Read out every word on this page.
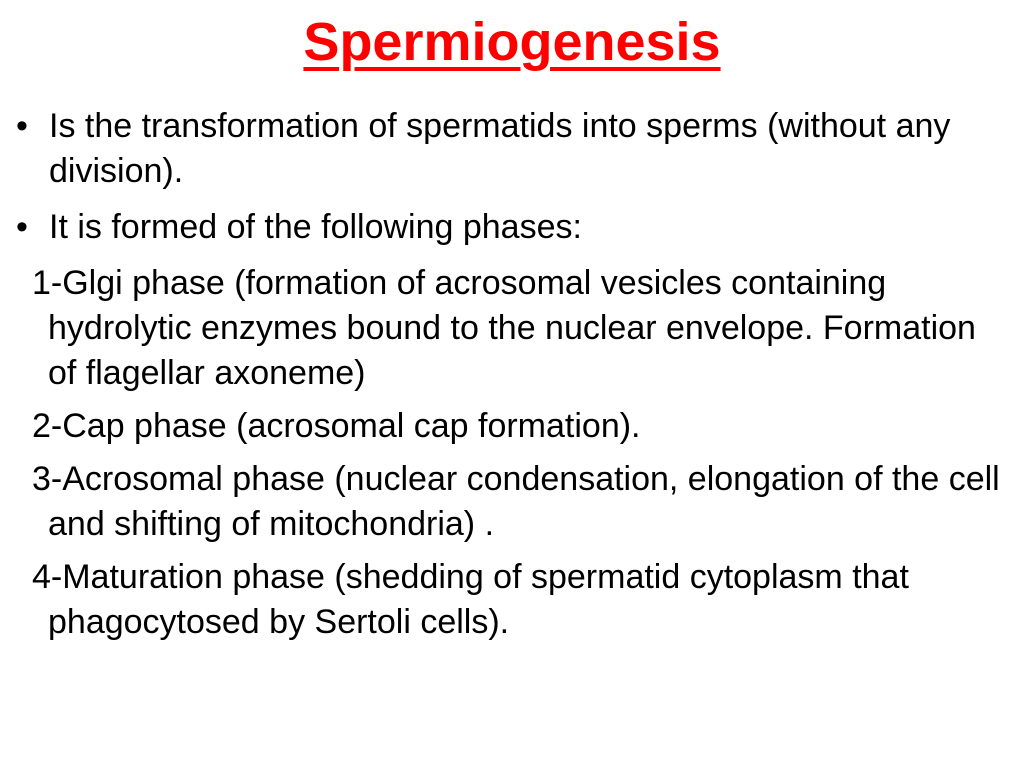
Spermiogenesis
• Is the transformation of spermatids into sperms (without any division).
• It is formed of the following phases:
1-Glgi phase (formation of acrosomal vesicles containing hydrolytic enzymes bound to the nuclear envelope. Formation of flagellar axoneme)
2-Cap phase (acrosomal cap formation).
3-Acrosomal phase (nuclear condensation, elongation of the cell and shifting of mitochondria) .
4-Maturation phase (shedding of spermatid cytoplasm that phagocytosed by Sertoli cells).
